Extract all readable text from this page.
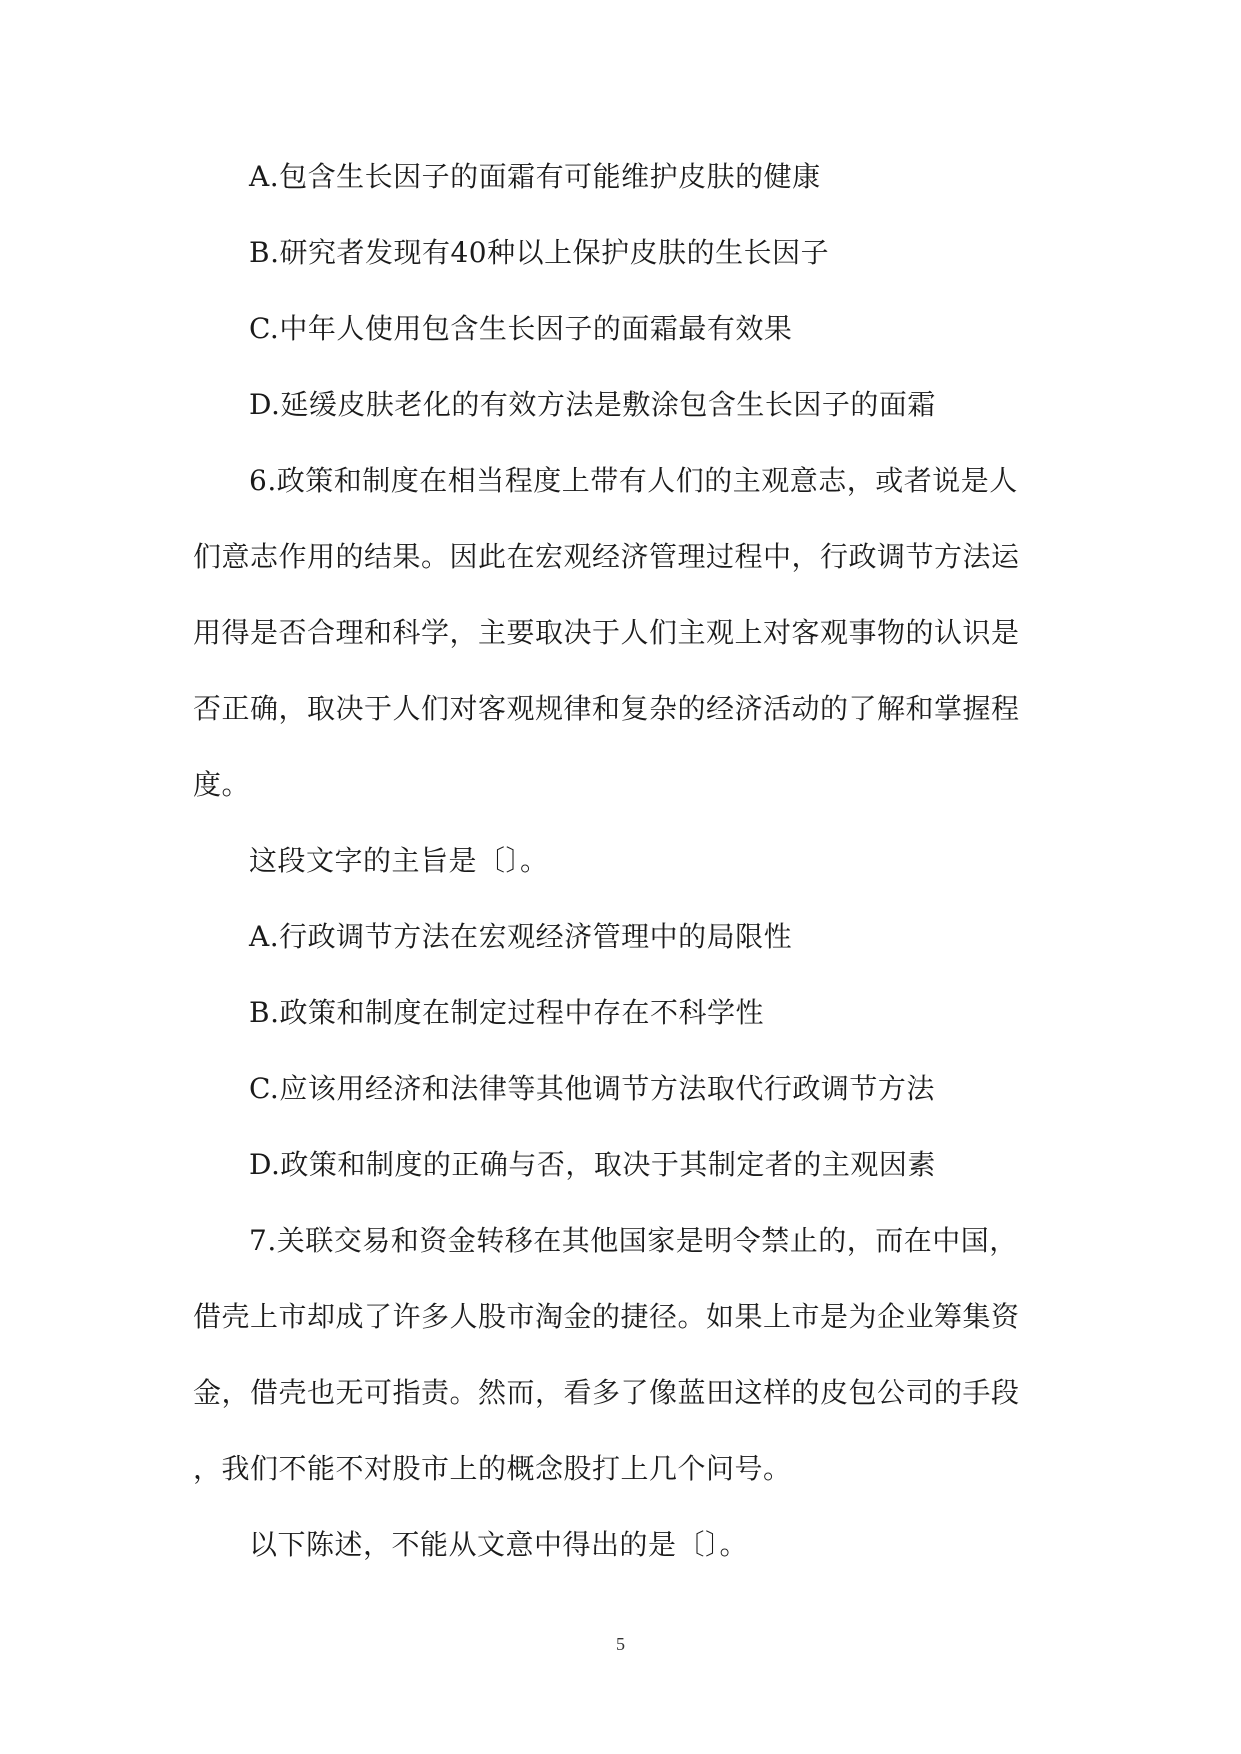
A.包含生长因子的面霜有可能维护皮肤的健康
B.研究者发现有40种以上保护皮肤的生长因子
C.中年人使用包含生长因子的面霜最有效果
D.延缓皮肤老化的有效方法是敷涂包含生长因子的面霜
6.政策和制度在相当程度上带有人们的主观意志，或者说是人
们意志作用的结果。因此在宏观经济管理过程中，行政调节方法运
用得是否合理和科学，主要取决于人们主观上对客观事物的认识是
否正确，取决于人们对客观规律和复杂的经济活动的了解和掌握程
度。
这段文字的主旨是〔〕。
A.行政调节方法在宏观经济管理中的局限性
B.政策和制度在制定过程中存在不科学性
C.应该用经济和法律等其他调节方法取代行政调节方法
D.政策和制度的正确与否，取决于其制定者的主观因素
7.关联交易和资金转移在其他国家是明令禁止的，而在中国，
借壳上市却成了许多人股市淘金的捷径。如果上市是为企业筹集资
金，借壳也无可指责。然而，看多了像蓝田这样的皮包公司的手段
，我们不能不对股市上的概念股打上几个问号。
以下陈述，不能从文意中得出的是〔〕。
5
